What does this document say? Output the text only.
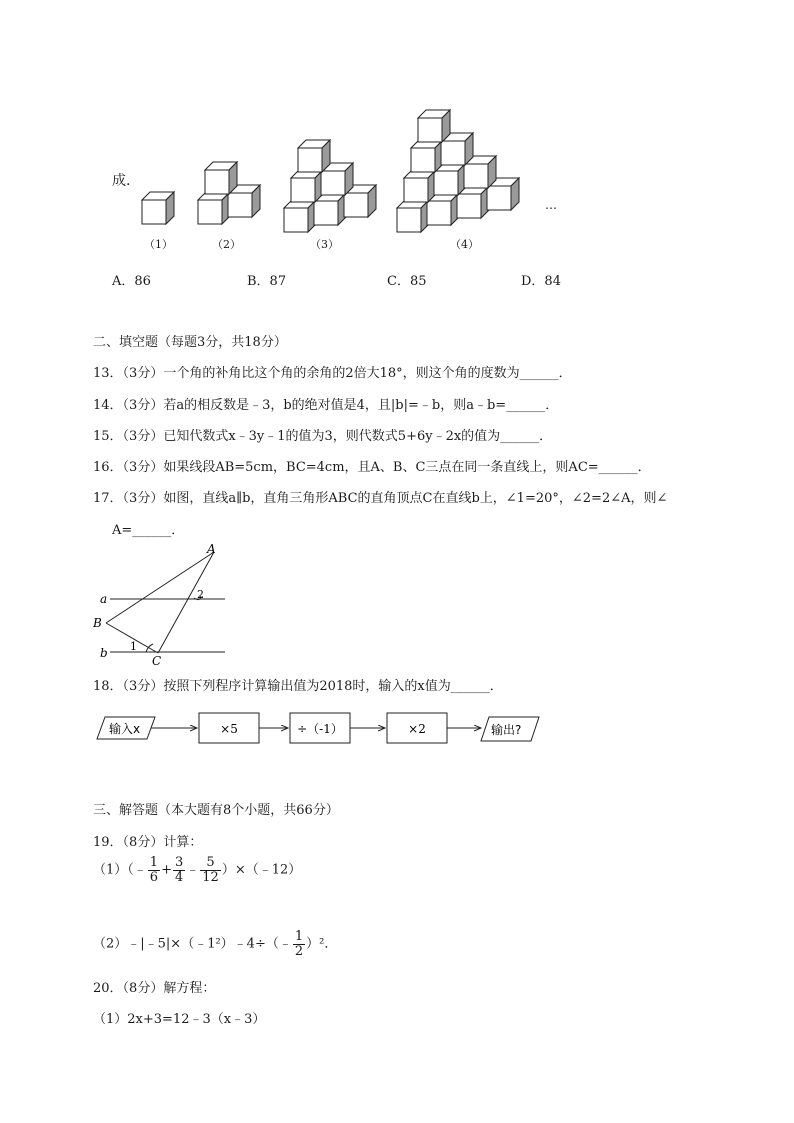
成.
…
（1）	（2）	（3）	（4）
A．86	B．87	C．85	D．84
二、填空题（每题3分，共18分）
13．（3分）一个角的补角比这个角的余角的2倍大18°，则这个角的度数为______．
14．（3分）若a的相反数是﹣3，b的绝对值是4，且|b|=﹣b，则a﹣b=______．
15．（3分）已知代数式x﹣3y﹣1的值为3，则代数式5+6y﹣2x的值为______．
16．（3分）如果线段AB=5cm，BC=4cm，且A、B、C三点在同一条直线上，则AC=______．
17．（3分）如图，直线a∥b，直角三角形ABC的直角顶点C在直线b上，∠1=20°，∠2=2∠A，则∠
A=______．
A
B
C
a
b 1
2
18．（3分）按照下列程序计算输出值为2018时，输入的x值为______．
输入x	×5	÷（-1）	×2	输出?
三、解答题（本大题有8个小题，共66分）
19．（8分）计算：
（1）（﹣ $\frac{1}{6} + \frac{3}{4}$ ﹣ $\frac{5}{12}$ ）×（﹣12）
（2）﹣|﹣5|×（﹣1²）﹣4÷（﹣ $\frac{1}{2} )^2$．
20．（8分）解方程：
（1）2x+3=12﹣3（x﹣3）
